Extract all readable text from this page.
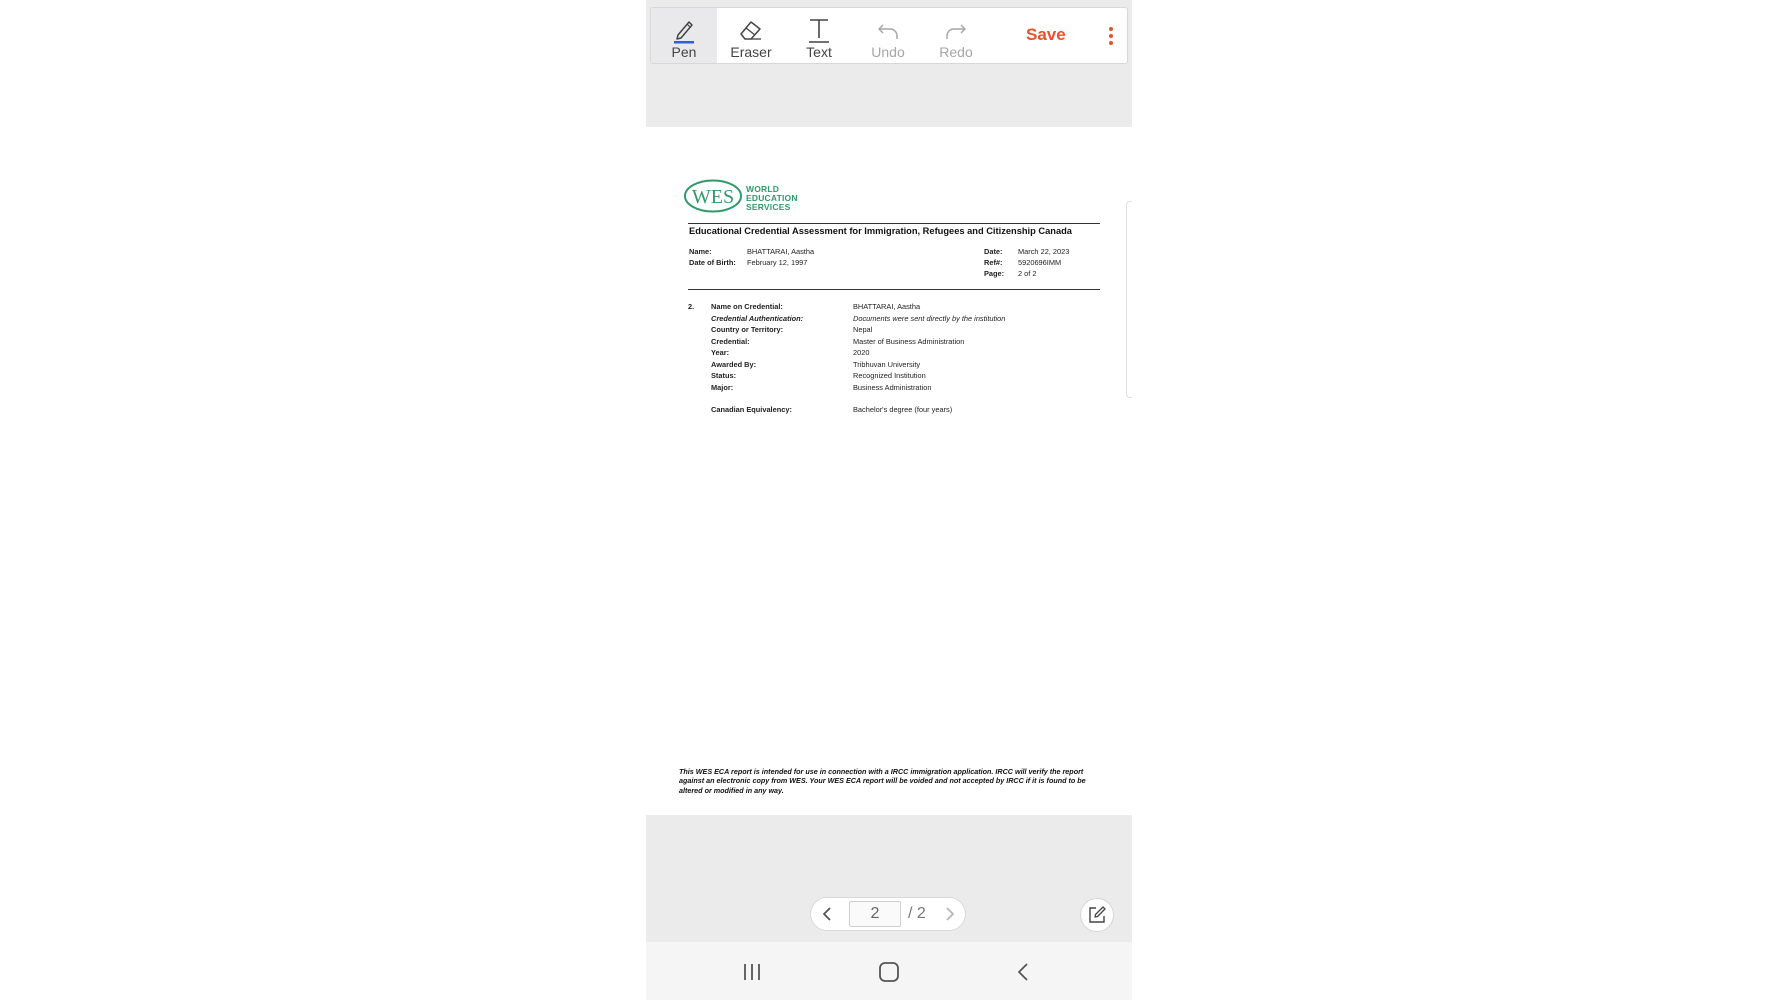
Pen Eraser Text	Undo Redo
Save
WES WORLD
EDUCATION
SERVICES
Educational Credential Assessment for Immigration, Refugees and Citizenship Canada
Name:	BHATTARAI, Aastha
Date of Birth: February 12, 1997
Date: March 22, 2023
Ref#: 5920696IMM
Page: 2 of 2
2. Name on Credential:	BHATTARAI, Aastha
Credential Authentication:	Documents were sent directly by the institution
Country or Territory:	Nepal
Credential:	Master of Business Administration
Year:	2020
Awarded By:	Tribhuvan University
Status:	Recognized Institution
Major:	Business Administration
Canadian Equivalency:	Bachelor's degree (four years)
This WES ECA report is intended for use in connection with a IRCC immigration application. IRCC will verify the report against an electronic copy from WES. Your WES ECA report will be voided and not accepted by IRCC if it is found to be altered or modified in any way.
2
/ 2
